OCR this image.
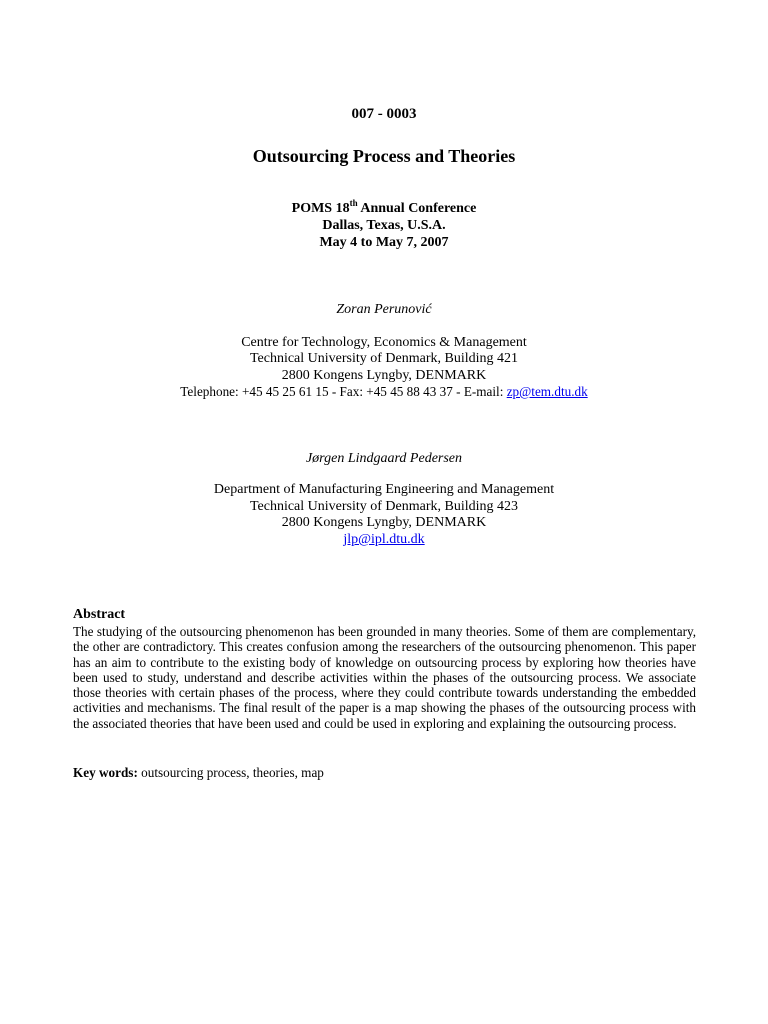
007 - 0003
Outsourcing Process and Theories
POMS 18th Annual Conference
Dallas, Texas, U.S.A.
May 4 to May 7, 2007
Zoran Perunović
Centre for Technology, Economics & Management
Technical University of Denmark, Building 421
2800 Kongens Lyngby, DENMARK
Telephone: +45 45 25 61 15 - Fax: +45 45 88 43 37 - E-mail: zp@tem.dtu.dk
Jørgen Lindgaard Pedersen
Department of Manufacturing Engineering and Management
Technical University of Denmark, Building 423
2800 Kongens Lyngby, DENMARK
jlp@ipl.dtu.dk
Abstract
The studying of the outsourcing phenomenon has been grounded in many theories. Some of them are complementary, the other are contradictory. This creates confusion among the researchers of the outsourcing phenomenon. This paper has an aim to contribute to the existing body of knowledge on outsourcing process by exploring how theories have been used to study, understand and describe activities within the phases of the outsourcing process. We associate those theories with certain phases of the process, where they could contribute towards understanding the embedded activities and mechanisms. The final result of the paper is a map showing the phases of the outsourcing process with the associated theories that have been used and could be used in exploring and explaining the outsourcing process.
Key words: outsourcing process, theories, map
